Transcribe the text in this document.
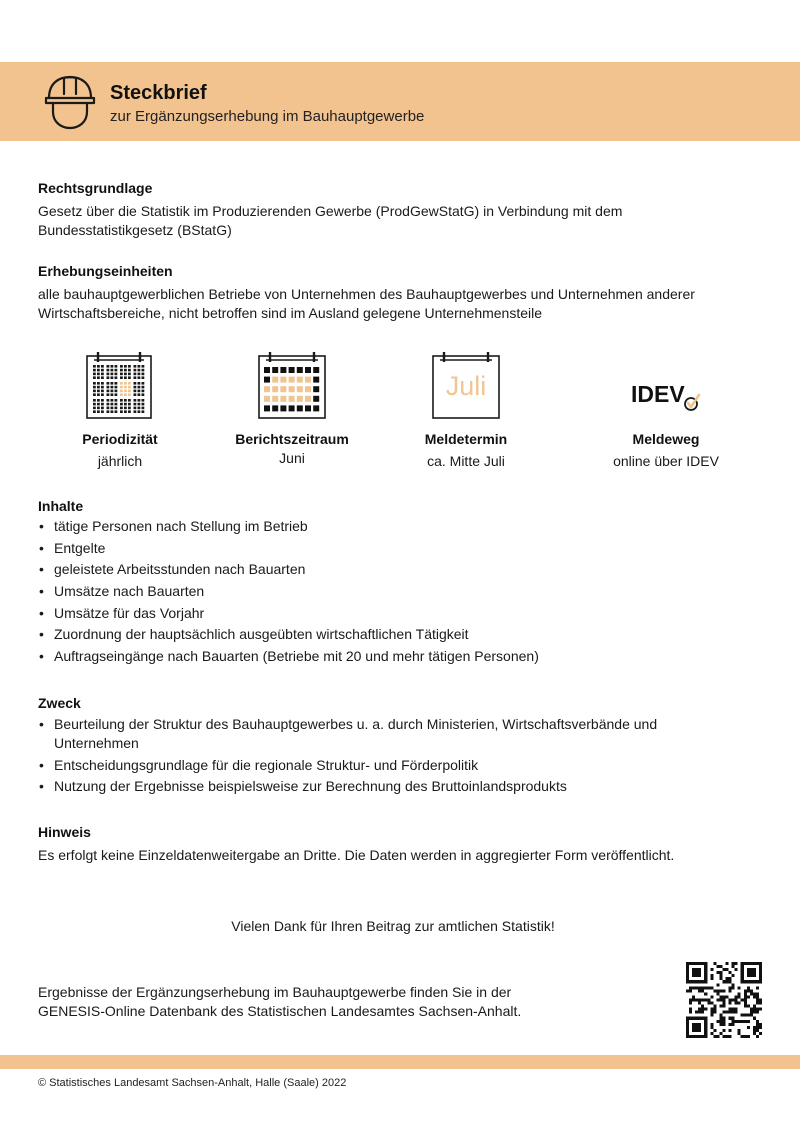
Steckbrief
zur Ergänzungserhebung im Bauhauptgewerbe
Rechtsgrundlage
Gesetz über die Statistik im Produzierenden Gewerbe (ProdGewStatG) in Verbindung mit dem
Bundesstatistikgesetz (BStatG)
Erhebungseinheiten
alle bauhauptgewerblichen Betriebe von Unternehmen des Bauhauptgewerbes und Unternehmen anderer
Wirtschaftsbereiche, nicht betroffen sind im Ausland gelegene Unternehmensteile
Juli	IDEV
Periodizität
jährlich
Berichtszeitraum
Juni
Meldetermin
ca. Mitte Juli
Meldeweg
online über IDEV
Inhalte
• tätige Personen nach Stellung im Betrieb
• Entgelte
• geleistete Arbeitsstunden nach Bauarten
• Umsätze nach Bauarten
• Umsätze für das Vorjahr
• Zuordnung der hauptsächlich ausgeübten wirtschaftlichen Tätigkeit
• Auftragseingänge nach Bauarten (Betriebe mit 20 und mehr tätigen Personen)
Zweck
• Beurteilung der Struktur des Bauhauptgewerbes u. a. durch Ministerien, Wirtschaftsverbände und Unternehmen
• Entscheidungsgrundlage für die regionale Struktur- und Förderpolitik
• Nutzung der Ergebnisse beispielsweise zur Berechnung des Bruttoinlandsprodukts
Hinweis
Es erfolgt keine Einzeldatenweitergabe an Dritte. Die Daten werden in aggregierter Form veröffentlicht.
Vielen Dank für Ihren Beitrag zur amtlichen Statistik!
Ergebnisse der Ergänzungserhebung im Bauhauptgewerbe finden Sie in der
GENESIS-Online Datenbank des Statistischen Landesamtes Sachsen-Anhalt.
© Statistisches Landesamt Sachsen-Anhalt, Halle (Saale) 2022
